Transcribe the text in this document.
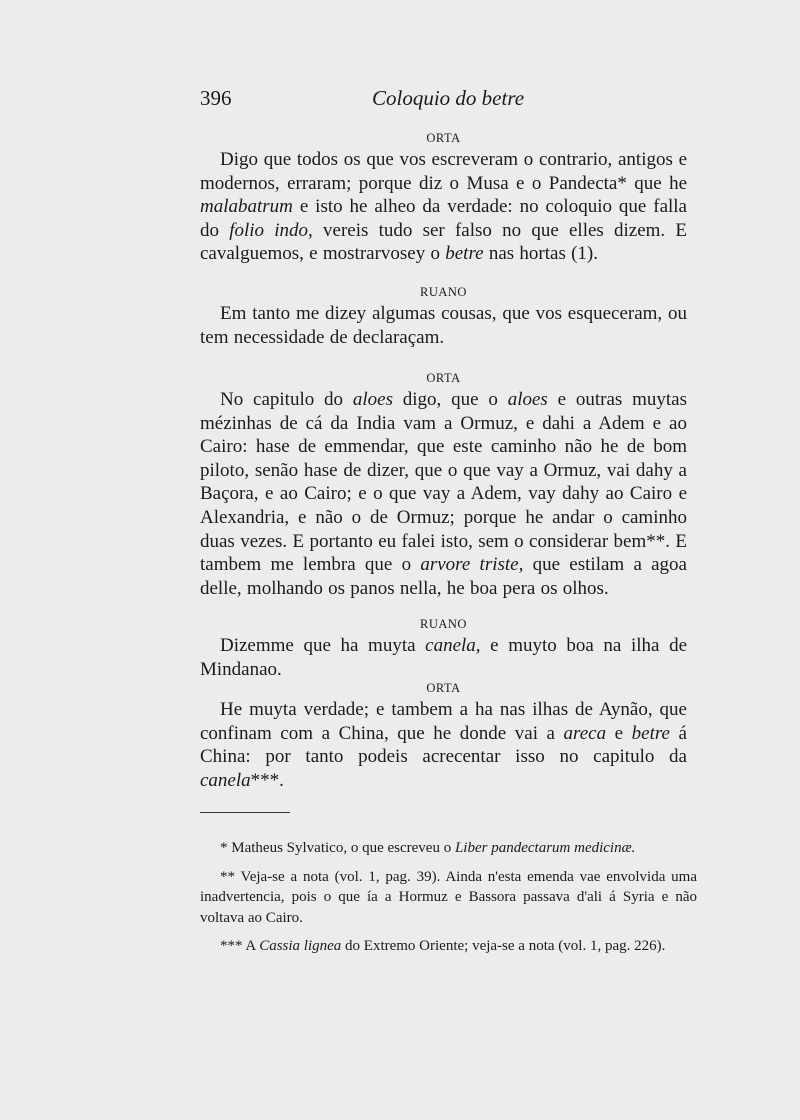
396	Coloquio do betre
ORTA

Digo que todos os que vos escreveram o contrario, antigos e modernos, erraram; porque diz o Musa e o Pandecta* que he malabatrum e isto he alheo da verdade: no coloquio que falla do folio indo, vereis tudo ser falso no que elles dizem. E cavalguemos, e mostrarvosey o betre nas hortas (1).

RUANO

Em tanto me dizey algumas cousas, que vos esqueceram, ou tem necessidade de declaraçam.

ORTA

No capitulo do aloes digo, que o aloes e outras muytas mézinhas de cá da India vam a Ormuz, e dahi a Adem e ao Cairo: hase de emmendar, que este caminho não he de bom piloto, senão hase de dizer, que o que vay a Ormuz, vai dahy a Baçora, e ao Cairo; e o que vay a Adem, vay dahy ao Cairo e Alexandria, e não o de Ormuz; porque he andar o caminho duas vezes. E portanto eu falei isto, sem o considerar bem**. E tambem me lembra que o arvore triste, que estilam a agoa delle, molhando os panos nella, he boa pera os olhos.

RUANO

Dizemme que ha muyta canela, e muyto boa na ilha de Mindanao.

ORTA

He muyta verdade; e tambem a ha nas ilhas de Aynão, que confinam com a China, que he donde vai a areca e betre á China: por tanto podeis acrecentar isso no capitulo da canela***.

* Matheus Sylvatico, o que escreveu o Liber pandectarum medicinæ.

** Veja-se a nota (vol. 1, pag. 39). Ainda n'esta emenda vae envolvida uma inadvertencia, pois o que ía a Hormuz e Bassora passava d'ali á Syria e não voltava ao Cairo.

*** A Cassia lignea do Extremo Oriente; veja-se a nota (vol. 1, pag. 226).
